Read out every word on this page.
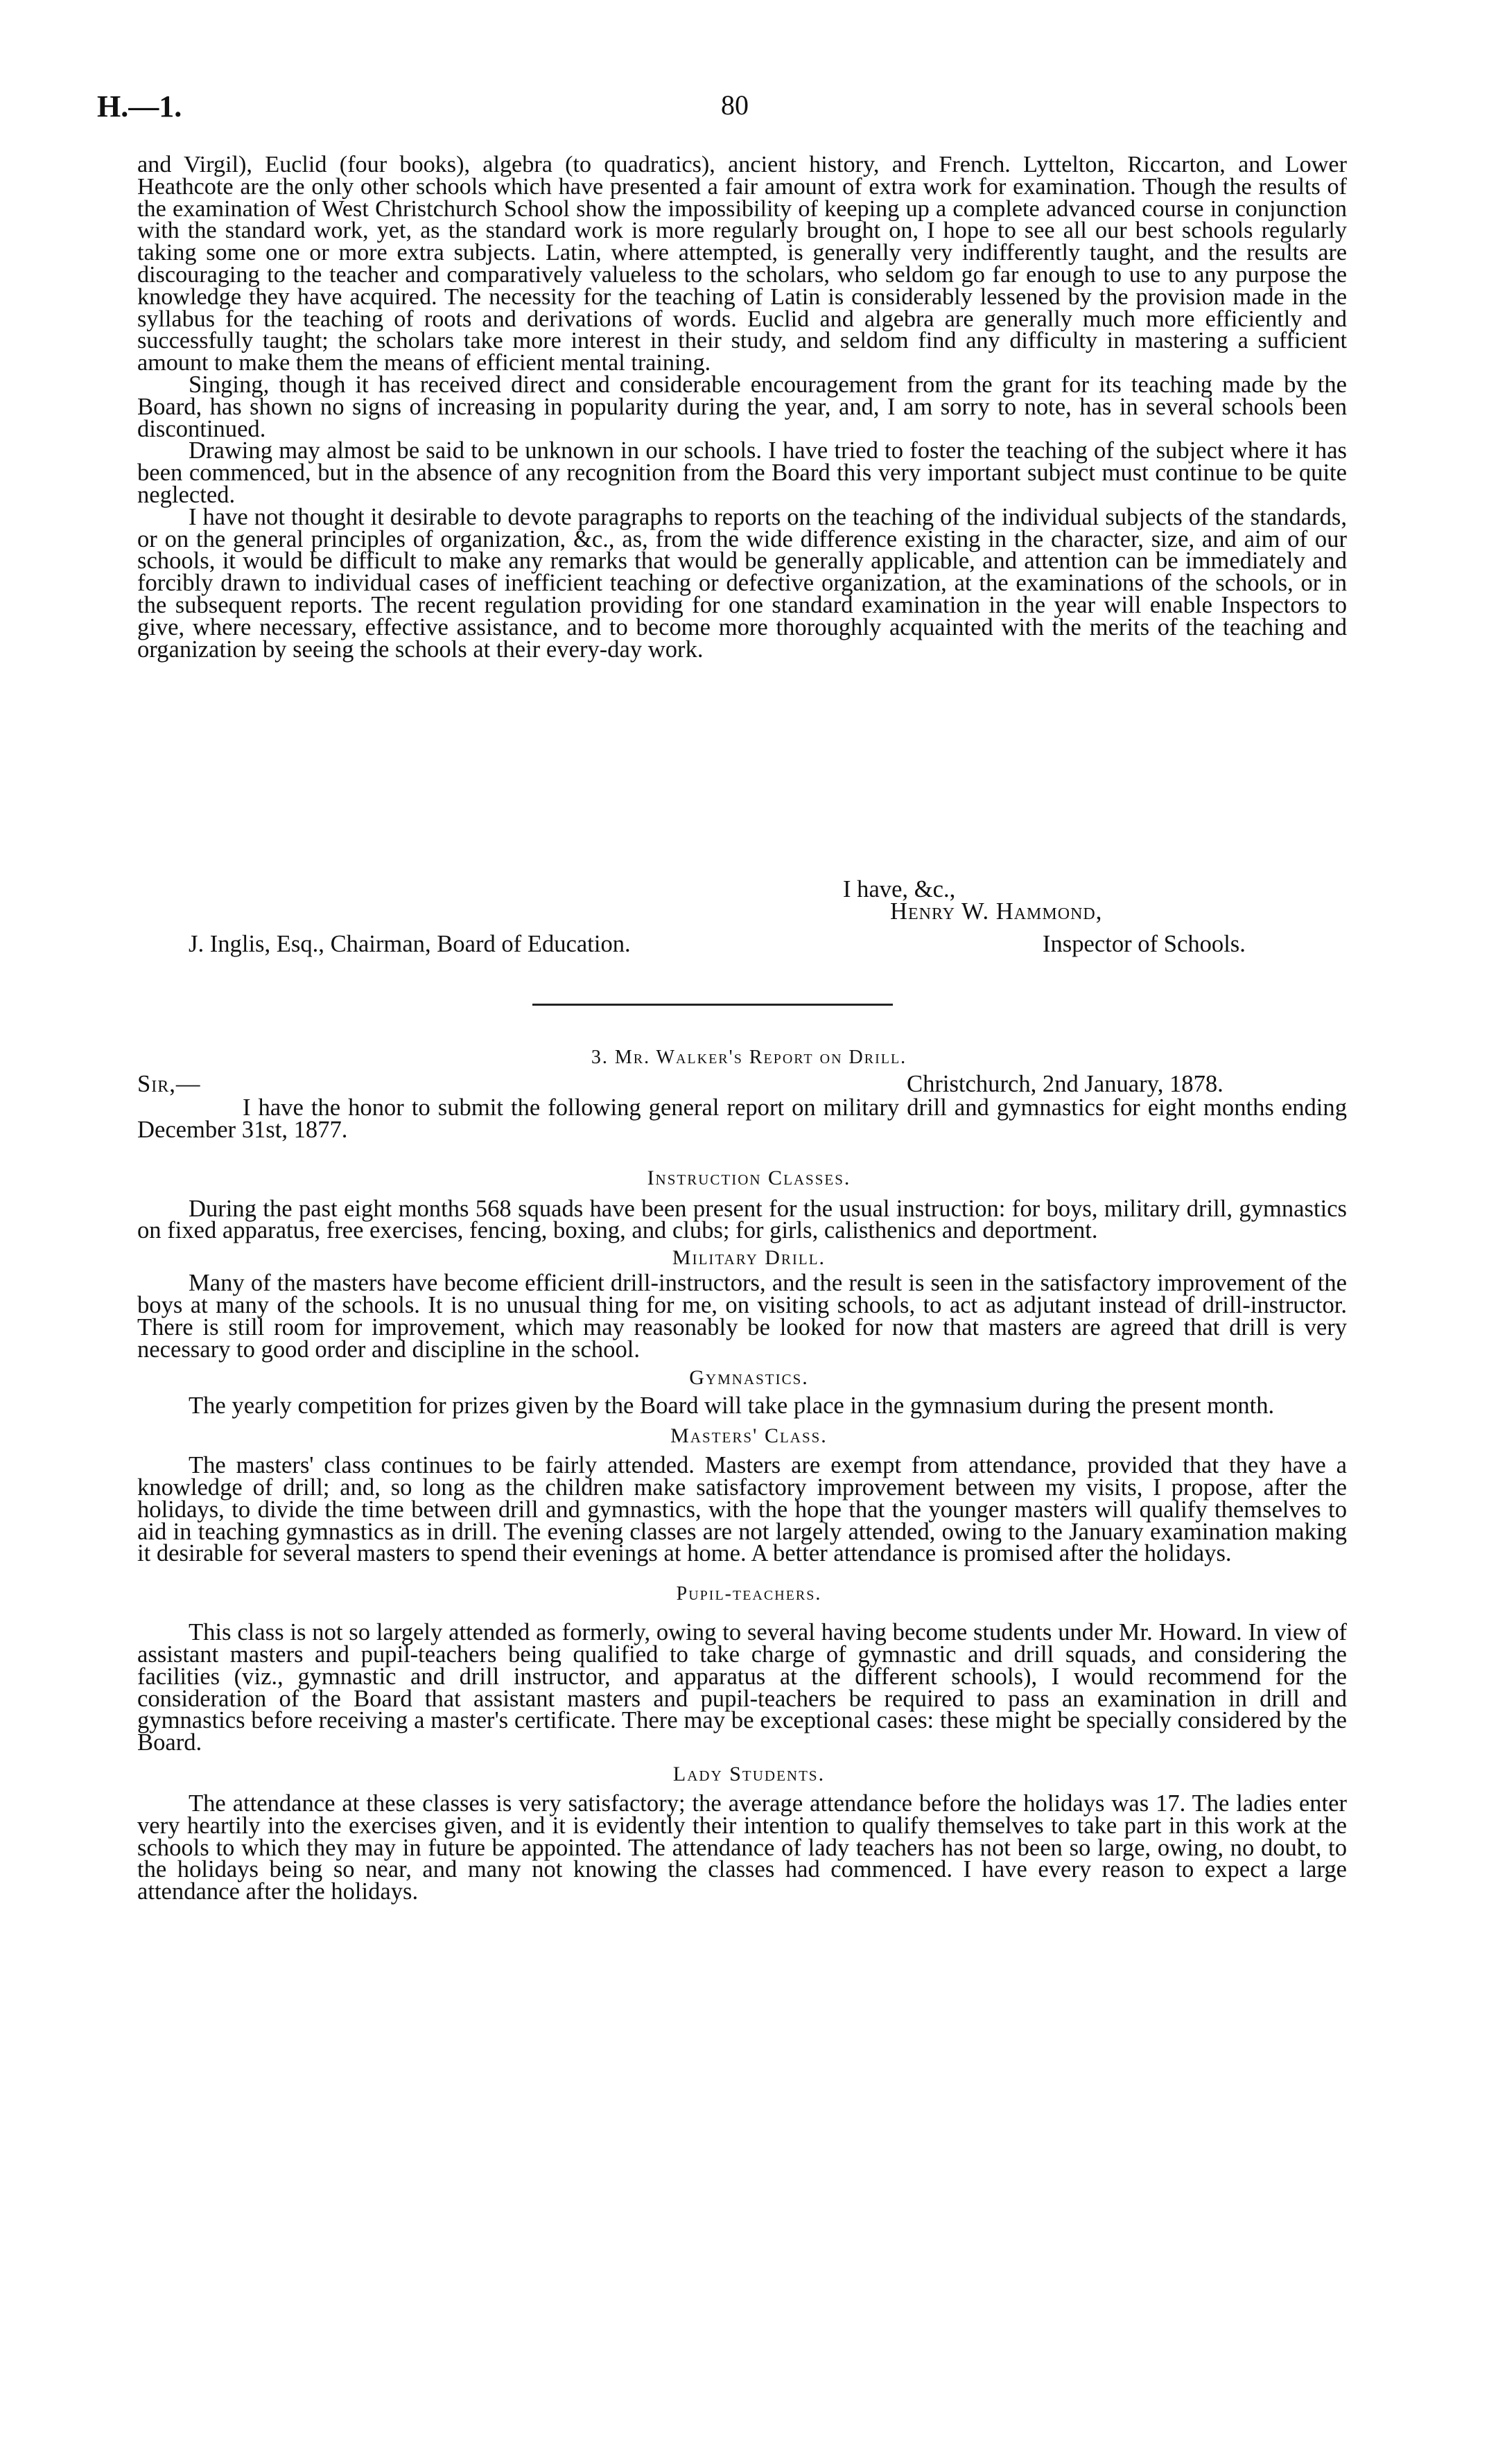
H.—1.	80

and Virgil), Euclid (four books), algebra (to quadratics), ancient history, and French. Lyttelton, Riccarton, and Lower Heathcote are the only other schools which have presented a fair amount of extra work for examination. Though the results of the examination of West Christchurch School show the impossibility of keeping up a complete advanced course in conjunction with the standard work, yet, as the standard work is more regularly brought on, I hope to see all our best schools regularly taking some one or more extra subjects. Latin, where attempted, is generally very indifferently taught, and the results are discouraging to the teacher and comparatively valueless to the scholars, who seldom go far enough to use to any purpose the knowledge they have acquired. The necessity for the teaching of Latin is considerably lessened by the provision made in the syllabus for the teaching of roots and derivations of words. Euclid and algebra are generally much more efficiently and successfully taught; the scholars take more interest in their study, and seldom find any difficulty in mastering a sufficient amount to make them the means of efficient mental training.

Singing, though it has received direct and considerable encouragement from the grant for its teaching made by the Board, has shown no signs of increasing in popularity during the year, and, I am sorry to note, has in several schools been discontinued.

Drawing may almost be said to be unknown in our schools. I have tried to foster the teaching of the subject where it has been commenced, but in the absence of any recognition from the Board this very important subject must continue to be quite neglected.

I have not thought it desirable to devote paragraphs to reports on the teaching of the individual subjects of the standards, or on the general principles of organization, &c., as, from the wide difference existing in the character, size, and aim of our schools, it would be difficult to make any remarks that would be generally applicable, and attention can be immediately and forcibly drawn to individual cases of inefficient teaching or defective organization, at the examinations of the schools, or in the subsequent reports. The recent regulation providing for one standard examination in the year will enable Inspectors to give, where necessary, effective assistance, and to become more thoroughly acquainted with the merits of the teaching and organization by seeing the schools at their every-day work.

I have, &c.,
Henry W. Hammond,
J. Inglis, Esq., Chairman, Board of Education.	Inspector of Schools.
3. Mr. Walker's Report on Drill.
Sir,—	Christchurch, 2nd January, 1878.

I have the honor to submit the following general report on military drill and gymnastics for eight months ending December 31st, 1877.

Instruction Classes.

During the past eight months 568 squads have been present for the usual instruction: for boys, military drill, gymnastics on fixed apparatus, free exercises, fencing, boxing, and clubs; for girls, calisthenics and deportment.

Military Drill.

Many of the masters have become efficient drill-instructors, and the result is seen in the satisfactory improvement of the boys at many of the schools. It is no unusual thing for me, on visiting schools, to act as adjutant instead of drill-instructor. There is still room for improvement, which may reasonably be looked for now that masters are agreed that drill is very necessary to good order and discipline in the school.

Gymnastics.

The yearly competition for prizes given by the Board will take place in the gymnasium during the present month.

Masters' Class.

The masters' class continues to be fairly attended. Masters are exempt from attendance, provided that they have a knowledge of drill; and, so long as the children make satisfactory improvement between my visits, I propose, after the holidays, to divide the time between drill and gymnastics, with the hope that the younger masters will qualify themselves to aid in teaching gymnastics as in drill. The evening classes are not largely attended, owing to the January examination making it desirable for several masters to spend their evenings at home. A better attendance is promised after the holidays.

Pupil-teachers.

This class is not so largely attended as formerly, owing to several having become students under Mr. Howard. In view of assistant masters and pupil-teachers being qualified to take charge of gymnastic and drill squads, and considering the facilities (viz., gymnastic and drill instructor, and apparatus at the different schools), I would recommend for the consideration of the Board that assistant masters and pupil-teachers be required to pass an examination in drill and gymnastics before receiving a master's certificate. There may be exceptional cases: these might be specially considered by the Board.

Lady Students.

The attendance at these classes is very satisfactory; the average attendance before the holidays was 17. The ladies enter very heartily into the exercises given, and it is evidently their intention to qualify themselves to take part in this work at the schools to which they may in future be appointed. The attendance of lady teachers has not been so large, owing, no doubt, to the holidays being so near, and many not knowing the classes had commenced. I have every reason to expect a large attendance after the holidays.
